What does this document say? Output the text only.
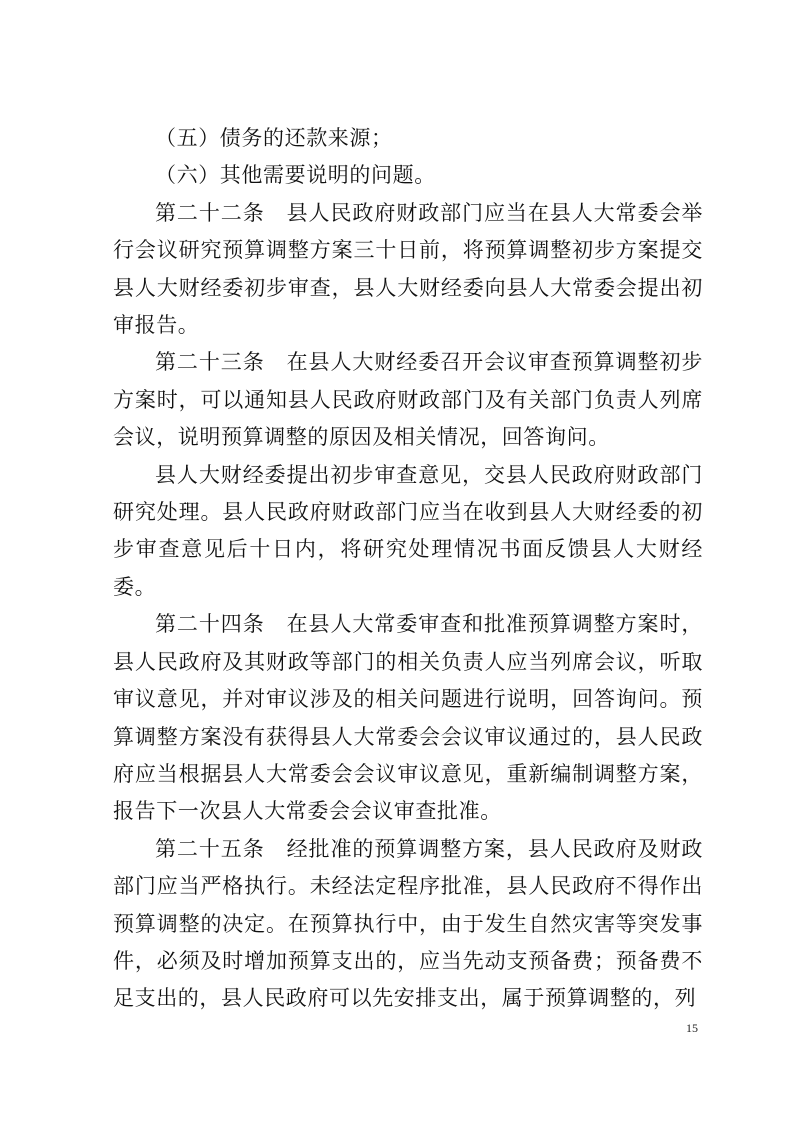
（五）债务的还款来源；

（六）其他需要说明的问题。

第二十二条　县人民政府财政部门应当在县人大常委会举行会议研究预算调整方案三十日前，将预算调整初步方案提交县人大财经委初步审查，县人大财经委向县人大常委会提出初审报告。

第二十三条　在县人大财经委召开会议审查预算调整初步方案时，可以通知县人民政府财政部门及有关部门负责人列席会议，说明预算调整的原因及相关情况，回答询问。

县人大财经委提出初步审查意见，交县人民政府财政部门研究处理。县人民政府财政部门应当在收到县人大财经委的初步审查意见后十日内，将研究处理情况书面反馈县人大财经委。

第二十四条　在县人大常委审查和批准预算调整方案时，县人民政府及其财政等部门的相关负责人应当列席会议，听取审议意见，并对审议涉及的相关问题进行说明，回答询问。预算调整方案没有获得县人大常委会会议审议通过的，县人民政府应当根据县人大常委会会议审议意见，重新编制调整方案，报告下一次县人大常委会会议审查批准。

第二十五条　经批准的预算调整方案，县人民政府及财政部门应当严格执行。未经法定程序批准，县人民政府不得作出预算调整的决定。在预算执行中，由于发生自然灾害等突发事件，必须及时增加预算支出的，应当先动支预备费；预备费不足支出的，县人民政府可以先安排支出，属于预算调整的，列

15
